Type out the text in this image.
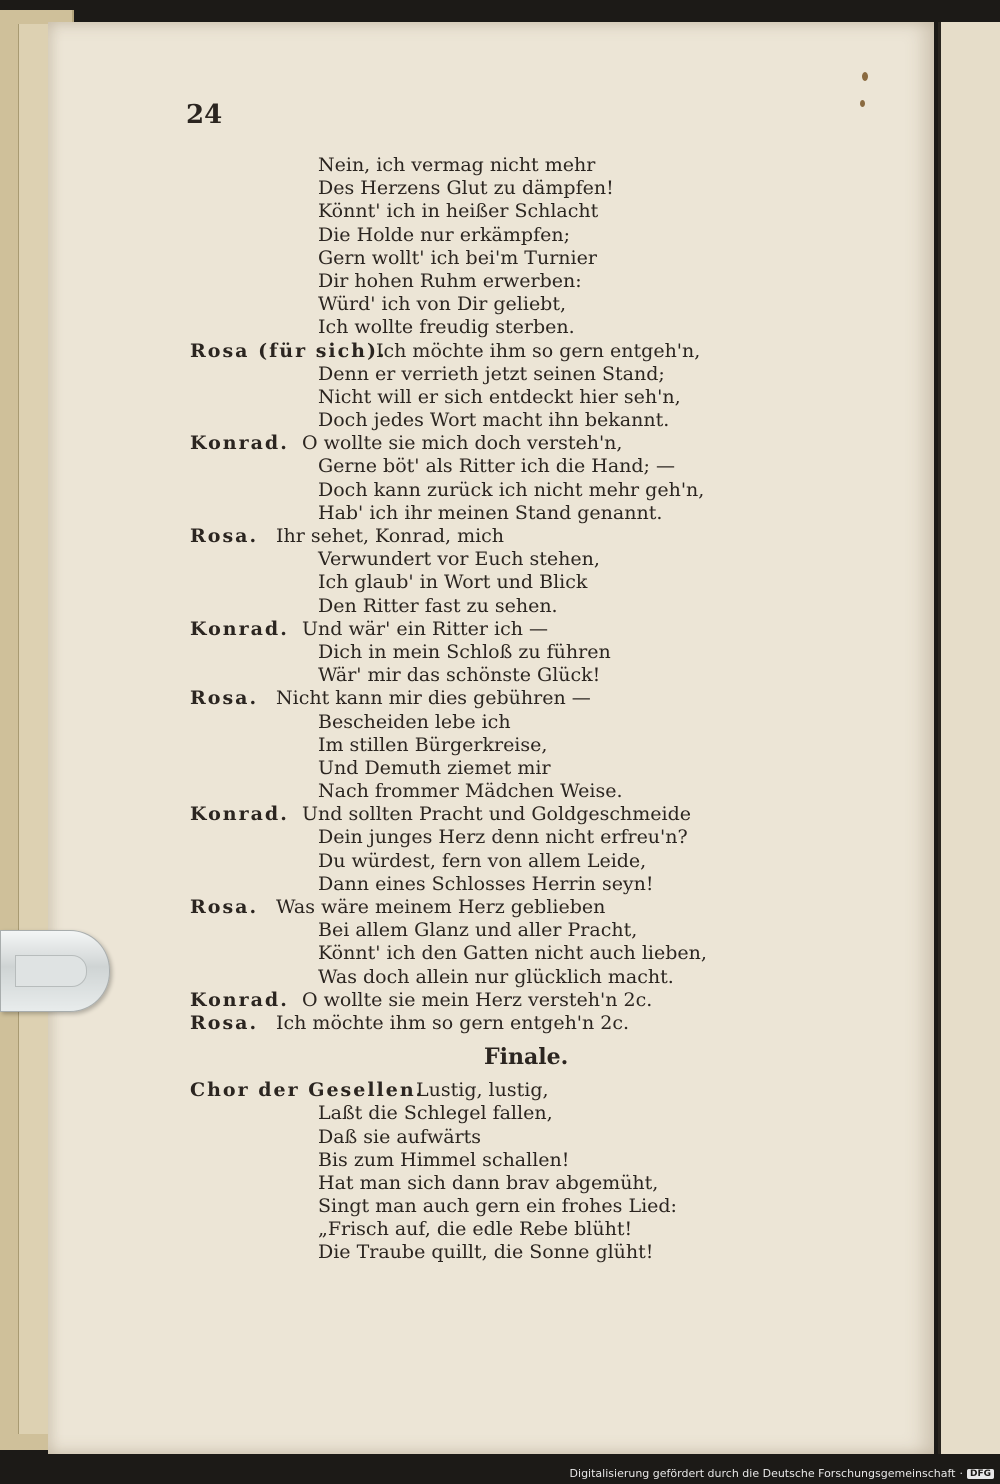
24
Nein, ich vermag nicht mehr
Des Herzens Glut zu dämpfen!
Könnt' ich in heißer Schlacht
Die Holde nur erkämpfen;
Gern wollt' ich bei'm Turnier
Dir hohen Ruhm erwerben:
Würd' ich von Dir geliebt,
Ich wollte freudig sterben.
Rosa (für sich).
Ich möchte ihm so gern entgeh'n,
Denn er verrieth jetzt seinen Stand;
Nicht will er sich entdeckt hier seh'n,
Doch jedes Wort macht ihn bekannt.
Konrad. O wollte sie mich doch versteh'n,
Gerne böt' als Ritter ich die Hand; —
Doch kann zurück ich nicht mehr geh'n,
Hab' ich ihr meinen Stand genannt.
Rosa. Ihr sehet, Konrad, mich
Verwundert vor Euch stehen,
Ich glaub' in Wort und Blick
Den Ritter fast zu sehen.
Konrad. Und wär' ein Ritter ich —
Dich in mein Schloß zu führen
Wär' mir das schönste Glück!
Rosa. Nicht kann mir dies gebühren —
Bescheiden lebe ich
Im stillen Bürgerkreise,
Und Demuth ziemet mir
Nach frommer Mädchen Weise.
Konrad. Und sollten Pracht und Goldgeschmeide
Dein junges Herz denn nicht erfreu'n?
Du würdest, fern von allem Leide,
Dann eines Schlosses Herrin seyn!
Rosa. Was wäre meinem Herz geblieben
Bei allem Glanz und aller Pracht,
Könnt' ich den Gatten nicht auch lieben,
Was doch allein nur glücklich macht.
Konrad. O wollte sie mein Herz versteh'n 2c.
Rosa. Ich möchte ihm so gern entgeh'n 2c.
Finale.
Chor der Gesellen.
Lustig, lustig,
Laßt die Schlegel fallen,
Daß sie aufwärts
Bis zum Himmel schallen!
Hat man sich dann brav abgemüht,
Singt man auch gern ein frohes Lied:
„Frisch auf, die edle Rebe blüht!
Die Traube quillt, die Sonne glüht!
Digitalisierung gefördert durch die Deutsche Forschungsgemeinschaft · DFG
